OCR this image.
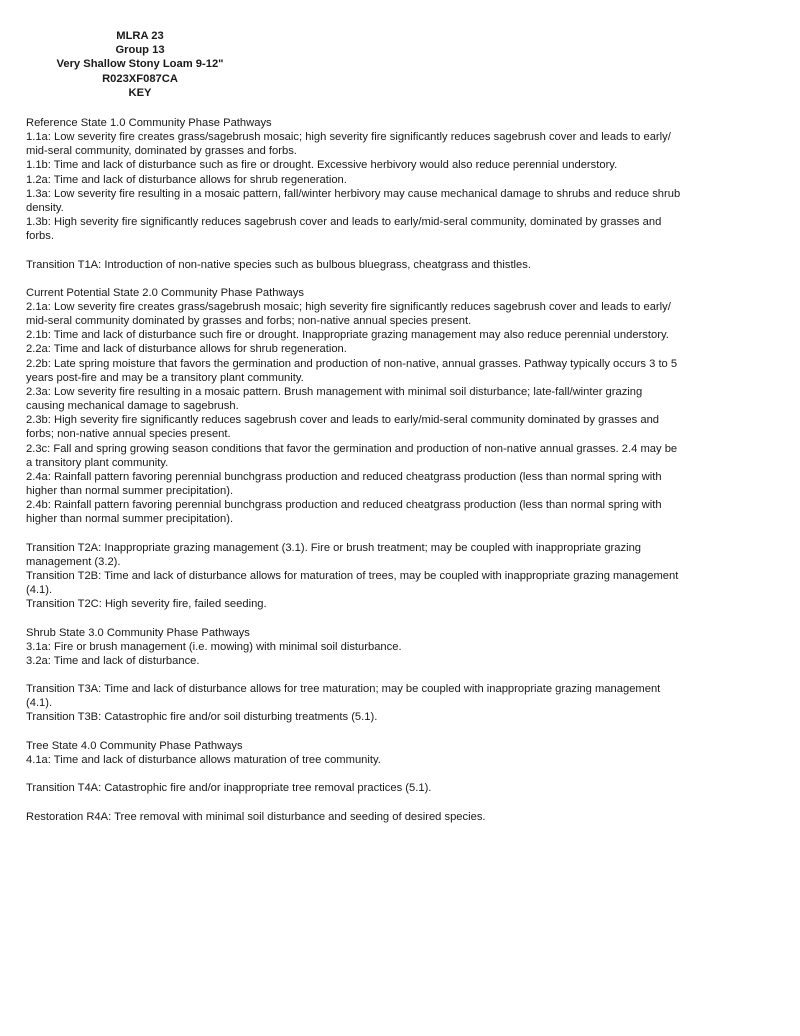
MLRA 23
Group 13
Very Shallow Stony Loam 9-12"
R023XF087CA
KEY
Reference State 1.0 Community Phase Pathways
1.1a: Low severity fire creates grass/sagebrush mosaic; high severity fire significantly reduces sagebrush cover and leads to early/
mid-seral community, dominated by grasses and forbs.
1.1b: Time and lack of disturbance such as fire or drought. Excessive herbivory would also reduce perennial understory.
1.2a: Time and lack of disturbance allows for shrub regeneration.
1.3a: Low severity fire resulting in a mosaic pattern, fall/winter herbivory may cause mechanical damage to shrubs and reduce shrub
density.
1.3b: High severity fire significantly reduces sagebrush cover and leads to early/mid-seral community, dominated by grasses and
forbs.
Transition T1A: Introduction of non-native species such as bulbous bluegrass, cheatgrass and thistles.
Current Potential State 2.0 Community Phase Pathways
2.1a: Low severity fire creates grass/sagebrush mosaic; high severity fire significantly reduces sagebrush cover and leads to early/
mid-seral community dominated by grasses and forbs; non-native annual species present.
2.1b: Time and lack of disturbance such fire or drought. Inappropriate grazing management may also reduce perennial understory.
2.2a: Time and lack of disturbance allows for shrub regeneration.
2.2b: Late spring moisture that favors the germination and production of non-native, annual grasses. Pathway typically occurs 3 to 5
years post-fire and may be a transitory plant community.
2.3a: Low severity fire resulting in a mosaic pattern. Brush management with minimal soil disturbance; late-fall/winter grazing
causing mechanical damage to sagebrush.
2.3b: High severity fire significantly reduces sagebrush cover and leads to early/mid-seral community dominated by grasses and
forbs; non-native annual species present.
2.3c: Fall and spring growing season conditions that favor the germination and production of non-native annual grasses. 2.4 may be
a transitory plant community.
2.4a: Rainfall pattern favoring perennial bunchgrass production and reduced cheatgrass production (less than normal spring with
higher than normal summer precipitation).
2.4b: Rainfall pattern favoring perennial bunchgrass production and reduced cheatgrass production (less than normal spring with
higher than normal summer precipitation).
Transition T2A: Inappropriate grazing management (3.1). Fire or brush treatment; may be coupled with inappropriate grazing
management (3.2).
Transition T2B: Time and lack of disturbance allows for maturation of trees, may be coupled with inappropriate grazing management
(4.1).
Transition T2C: High severity fire, failed seeding.
Shrub State 3.0 Community Phase Pathways
3.1a: Fire or brush management (i.e. mowing) with minimal soil disturbance.
3.2a: Time and lack of disturbance.
Transition T3A: Time and lack of disturbance allows for tree maturation; may be coupled with inappropriate grazing management
(4.1).
Transition T3B: Catastrophic fire and/or soil disturbing treatments (5.1).
Tree State 4.0 Community Phase Pathways
4.1a: Time and lack of disturbance allows maturation of tree community.
Transition T4A: Catastrophic fire and/or inappropriate tree removal practices (5.1).
Restoration R4A: Tree removal with minimal soil disturbance and seeding of desired species.
